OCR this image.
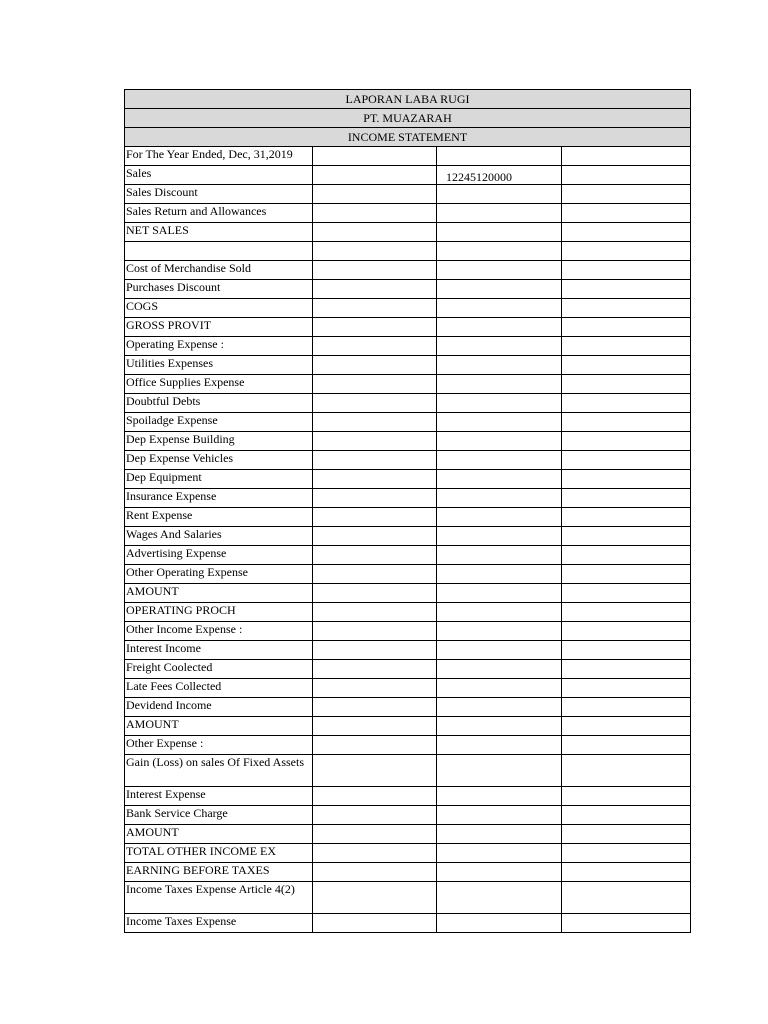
LAPORAN LABA RUGI			
PT. MUAZARAH			
INCOME STATEMENT			
For The Year Ended, Dec, 31,2019			
Sales		12245120000	
Sales Discount			
Sales Return and Allowances			
NET SALES			

Cost of Merchandise Sold			
Purchases Discount			
COGS			
GROSS PROVIT			
Operating Expense :			
Utilities Expenses			
Office Supplies Expense			
Doubtful Debts			
Spoiladge Expense			
Dep Expense Building			
Dep Expense Vehicles			
Dep Equipment			
Insurance Expense			
Rent Expense			
Wages And Salaries			
Advertising Expense			
Other Operating Expense			
AMOUNT			
OPERATING PROCH			
Other Income Expense :			
Interest Income			
Freight Coolected			
Late Fees Collected			
Devidend Income			
AMOUNT			
Other Expense :			
Gain (Loss) on sales Of Fixed Assets			
Interest Expense			
Bank Service Charge			
AMOUNT			
TOTAL OTHER INCOME EX			
EARNING BEFORE TAXES			
Income Taxes Expense Article 4(2)			
Income Taxes Expense			
